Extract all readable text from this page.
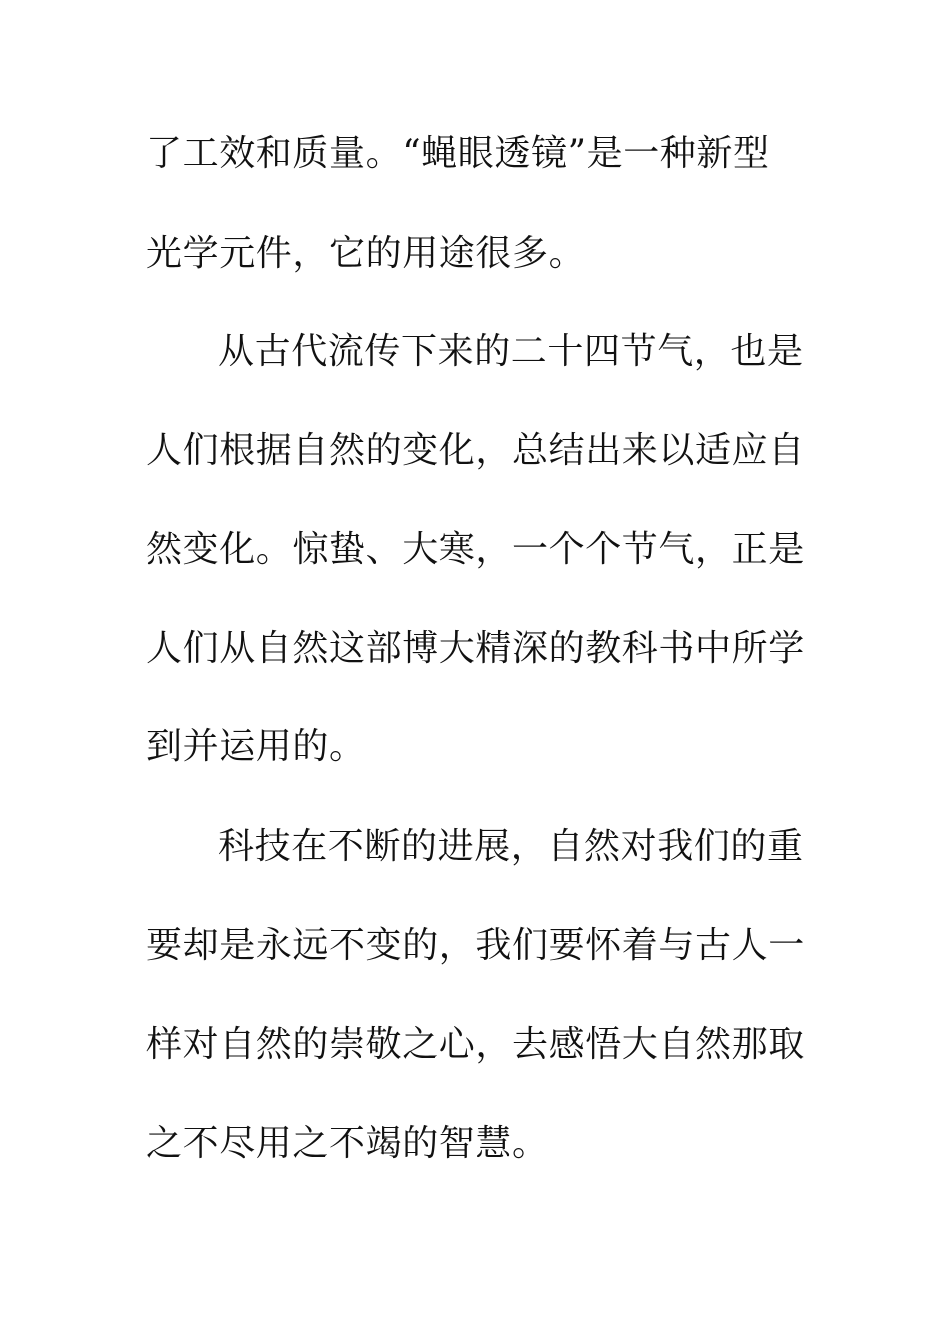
了工效和质量。“蝇眼透镜”是一种新型
光学元件，它的用途很多。
从古代流传下来的二十四节气，也是
人们根据自然的变化，总结出来以适应自
然变化。惊蛰、大寒，一个个节气，正是
人们从自然这部博大精深的教科书中所学
到并运用的。
科技在不断的进展，自然对我们的重
要却是永远不变的，我们要怀着与古人一
样对自然的崇敬之心，去感悟大自然那取
之不尽用之不竭的智慧。
